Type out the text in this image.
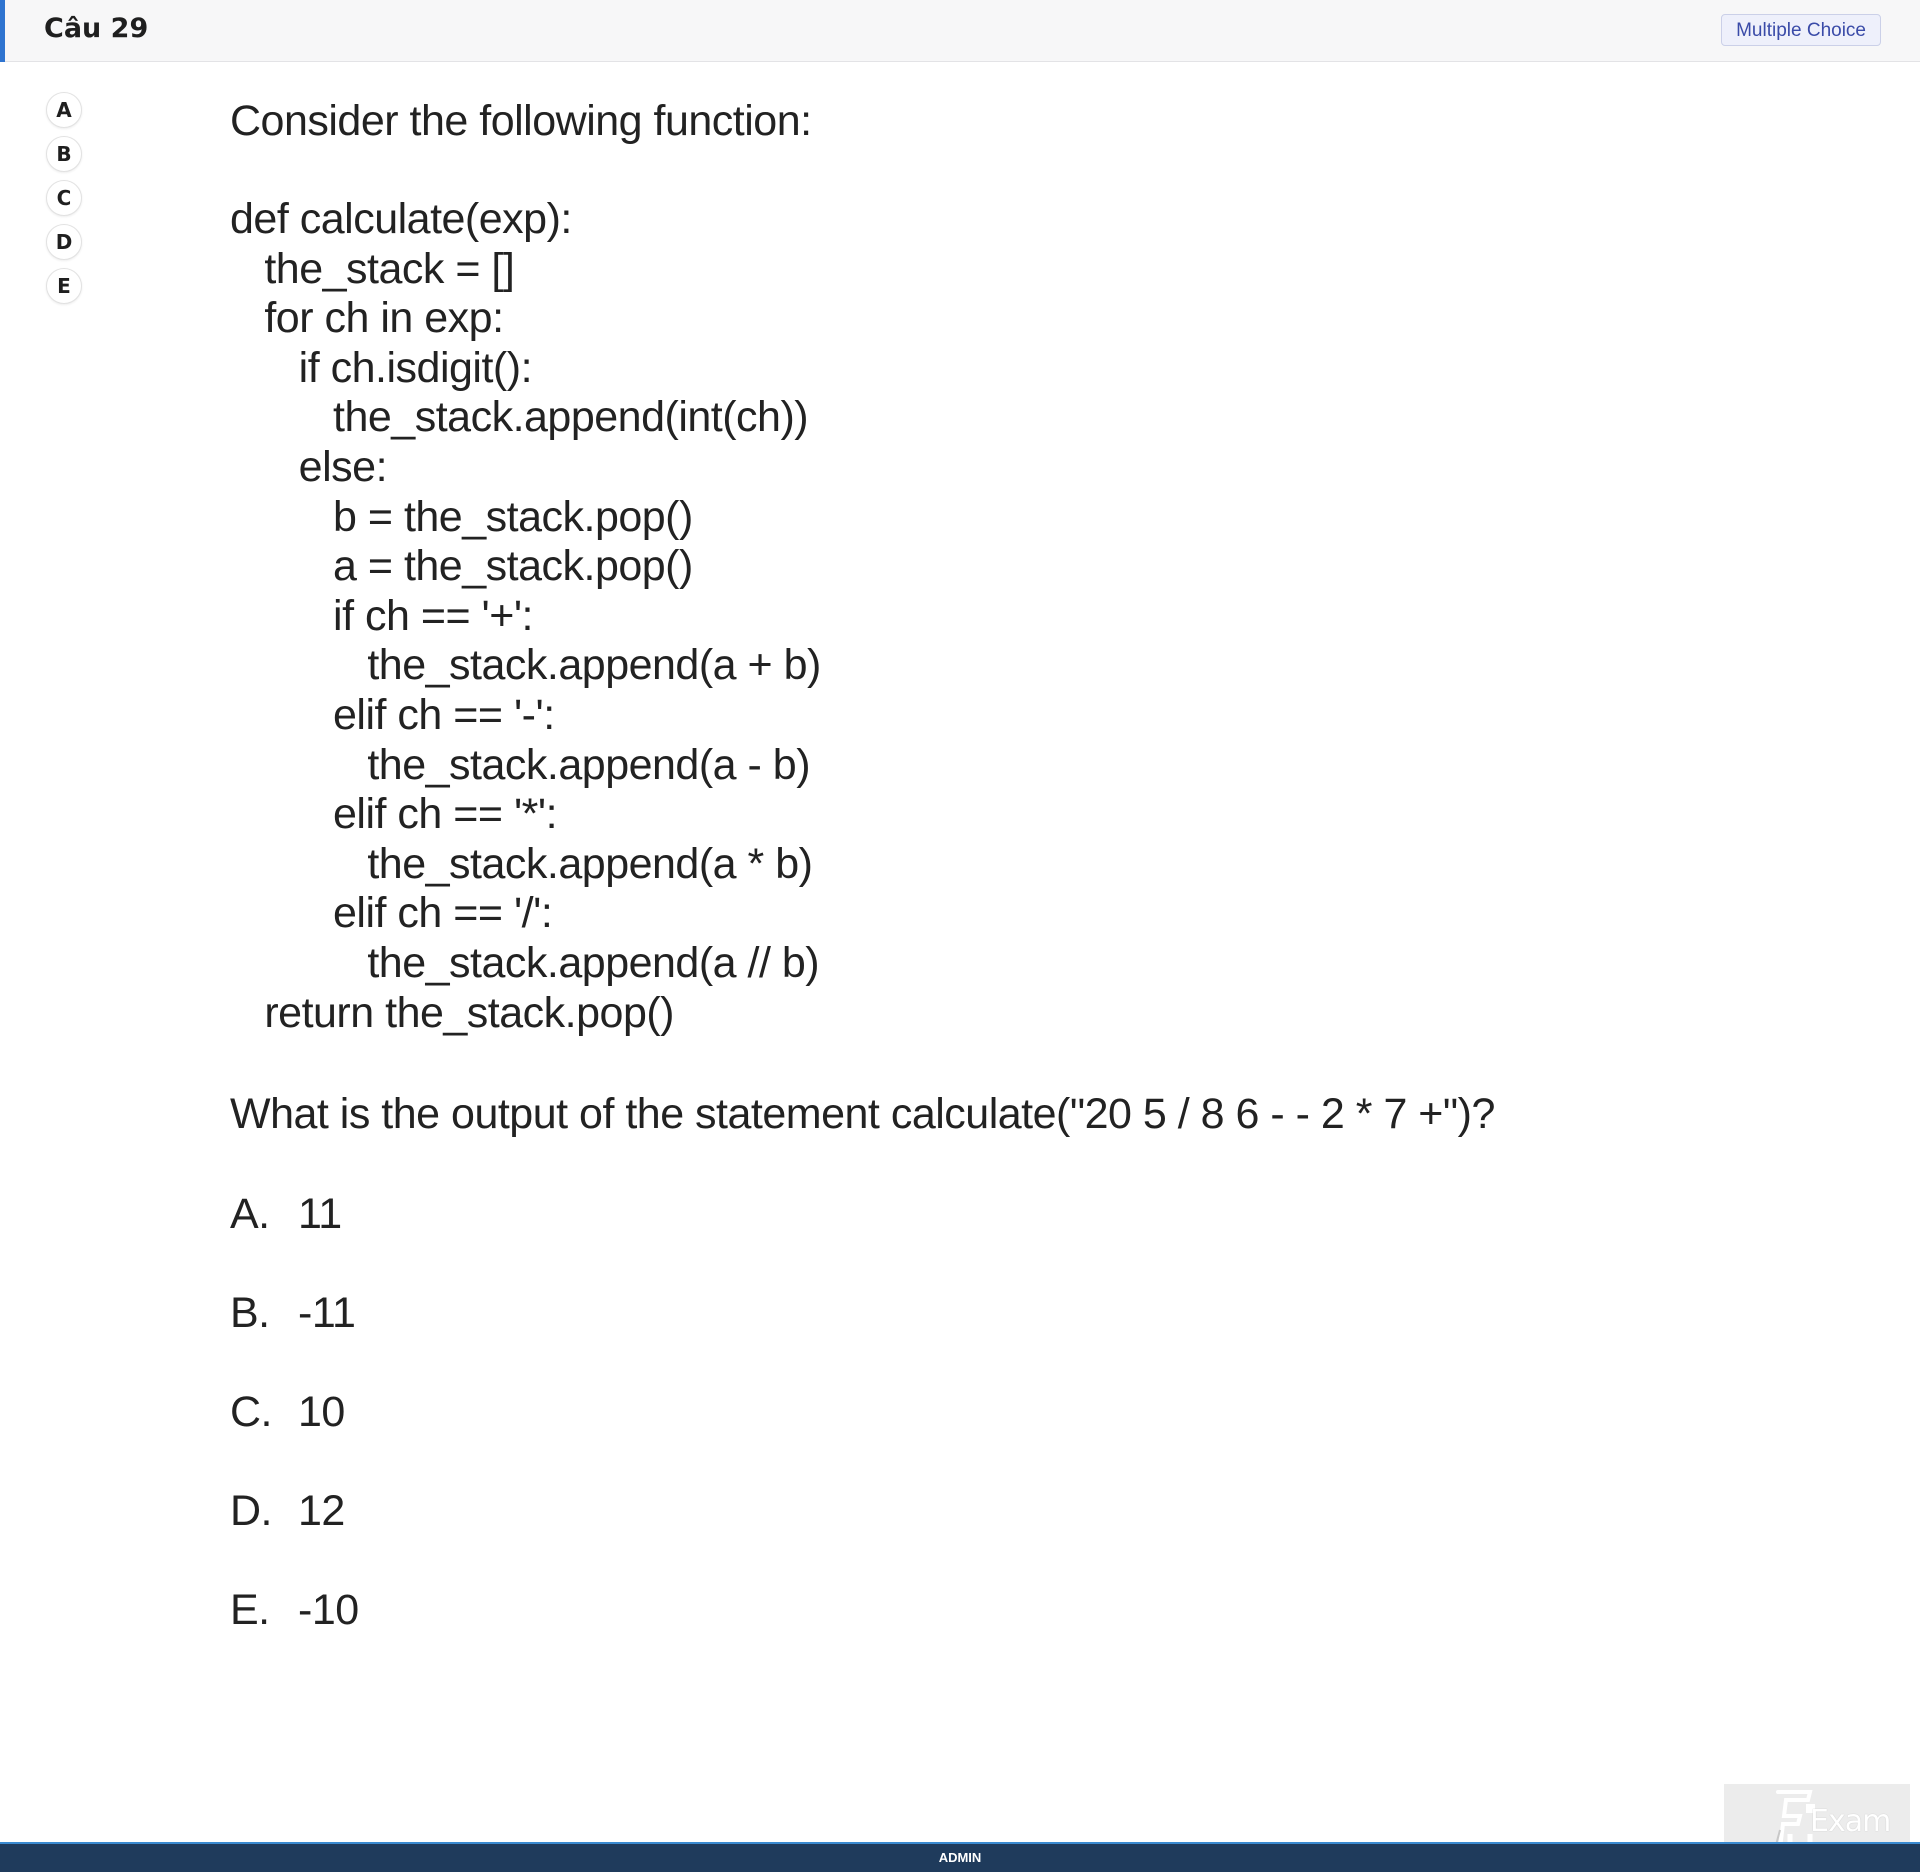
Câu 29	Multiple Choice
A
B
C
D
E
Consider the following function:
def calculate(exp):
the_stack = []
for ch in exp:
if ch.isdigit():
the_stack.append(int(ch))
else:
b = the_stack.pop()
a = the_stack.pop()
if ch == '+':
the_stack.append(a + b)
elif ch == '-':
the_stack.append(a - b)
elif ch == '*':
the_stack.append(a * b)
elif ch == '/':
the_stack.append(a // b)
return the_stack.pop()
What is the output of the statement calculate("20 5 / 8 6 - - 2 * 7 +")?
A. 11
B. -11
C. 10
D. 12
E. -10
Exam
ADMIN
